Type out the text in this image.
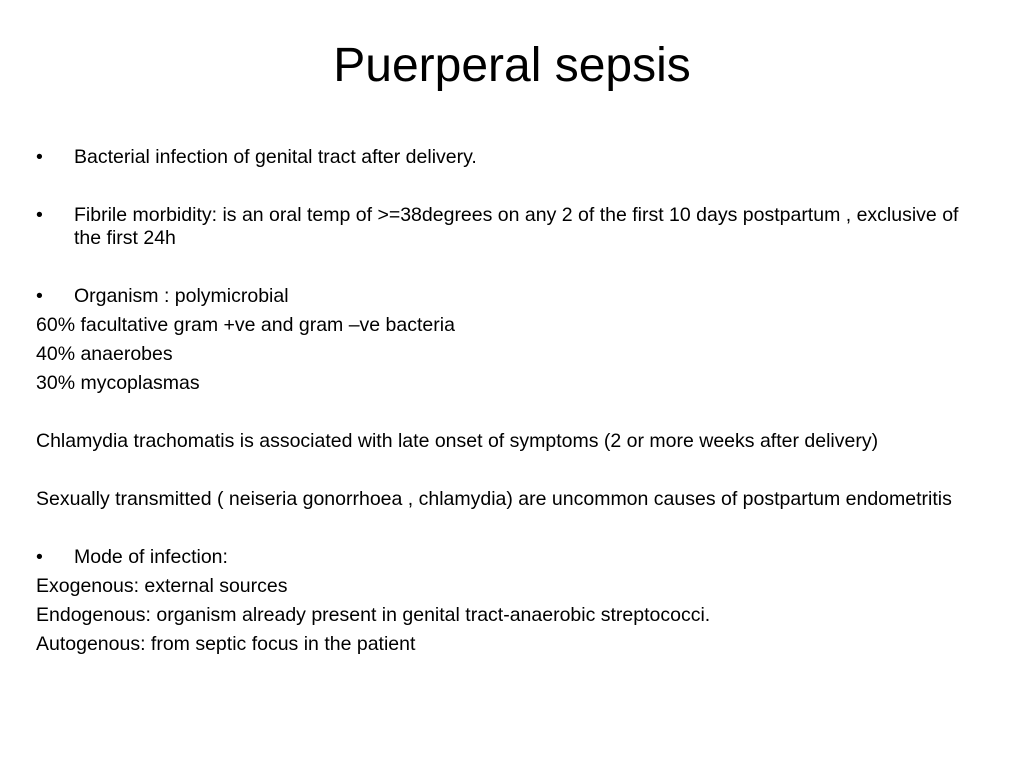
Puerperal sepsis

•	Bacterial infection of genital tract after delivery.

•	Fibrile morbidity: is an oral temp of >=38degrees on any 2 of the first 10 days postpartum , exclusive of the first 24h

•	Organism : polymicrobial

60% facultative gram +ve and gram –ve bacteria

40% anaerobes

30% mycoplasmas

Chlamydia trachomatis is associated with late onset of symptoms (2 or more weeks after delivery)

Sexually transmitted ( neiseria gonorrhoea , chlamydia) are uncommon causes of postpartum endometritis

•	Mode of infection:

Exogenous: external sources

Endogenous: organism already present in genital tract-anaerobic streptococci.

Autogenous: from septic focus in the patient
